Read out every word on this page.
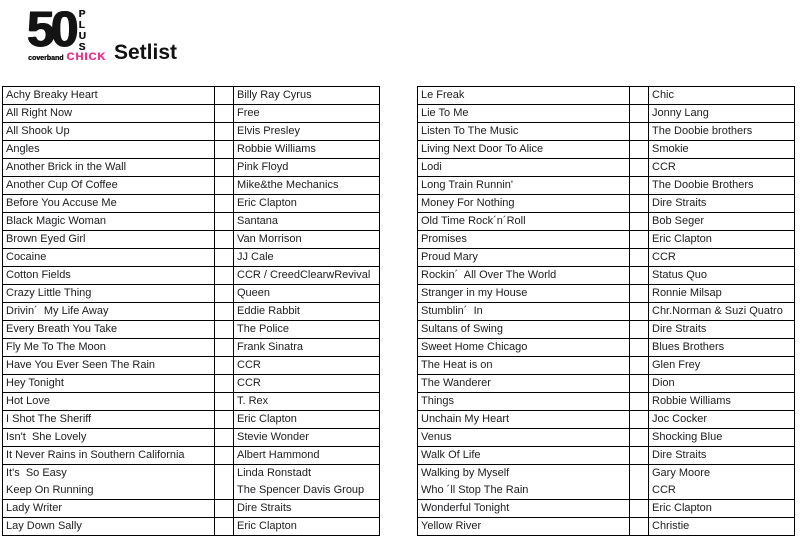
50 P
L
U
S
coverband CHICK Setlist
Achy Breaky Heart		Billy Ray Cyrus
All Right Now		Free
All Shook Up		Elvis Presley
Angles		Robbie Williams
Another Brick in the Wall		Pink Floyd
Another Cup Of Coffee		Mike&the Mechanics
Before You Accuse Me		Eric Clapton
Black Magic Woman		Santana
Brown Eyed Girl		Van Morrison
Cocaine		JJ Cale
Cotton Fields		CCR / CreedClearwRevival
Crazy Little Thing		Queen
Drivin´  My Life Away		Eddie Rabbit
Every Breath You Take		The Police
Fly Me To The Moon		Frank Sinatra
Have You Ever Seen The Rain		CCR
Hey Tonight		CCR
Hot Love		T. Rex
I Shot The Sheriff		Eric Clapton
Isn't  She Lovely		Stevie Wonder
It Never Rains in Southern California		Albert Hammond
It's  So Easy		Linda Ronstadt
Keep On Running		The Spencer Davis Group
Lady Writer		Dire Straits
Lay Down Sally		Eric Clapton
Le Freak		Chic
Lie To Me		Jonny Lang
Listen To The Music		The Doobie brothers
Living Next Door To Alice		Smokie
Lodi		CCR
Long Train Runnin'		The Doobie Brothers
Money For Nothing		Dire Straits
Old Time Rock´n´Roll		Bob Seger
Promises		Eric Clapton
Proud Mary		CCR
Rockin´  All Over The World		Status Quo
Stranger in my House		Ronnie Milsap
Stumblin´  In		Chr.Norman & Suzi Quatro
Sultans of Swing		Dire Straits
Sweet Home Chicago		Blues Brothers
The Heat is on		Glen Frey
The Wanderer		Dion
Things		Robbie Williams
Unchain My Heart		Joc Cocker
Venus		Shocking Blue
Walk Of Life		Dire Straits
Walking by Myself		Gary Moore
Who ´ll Stop The Rain		CCR
Wonderful Tonight		Eric Clapton
Yellow River		Christie
